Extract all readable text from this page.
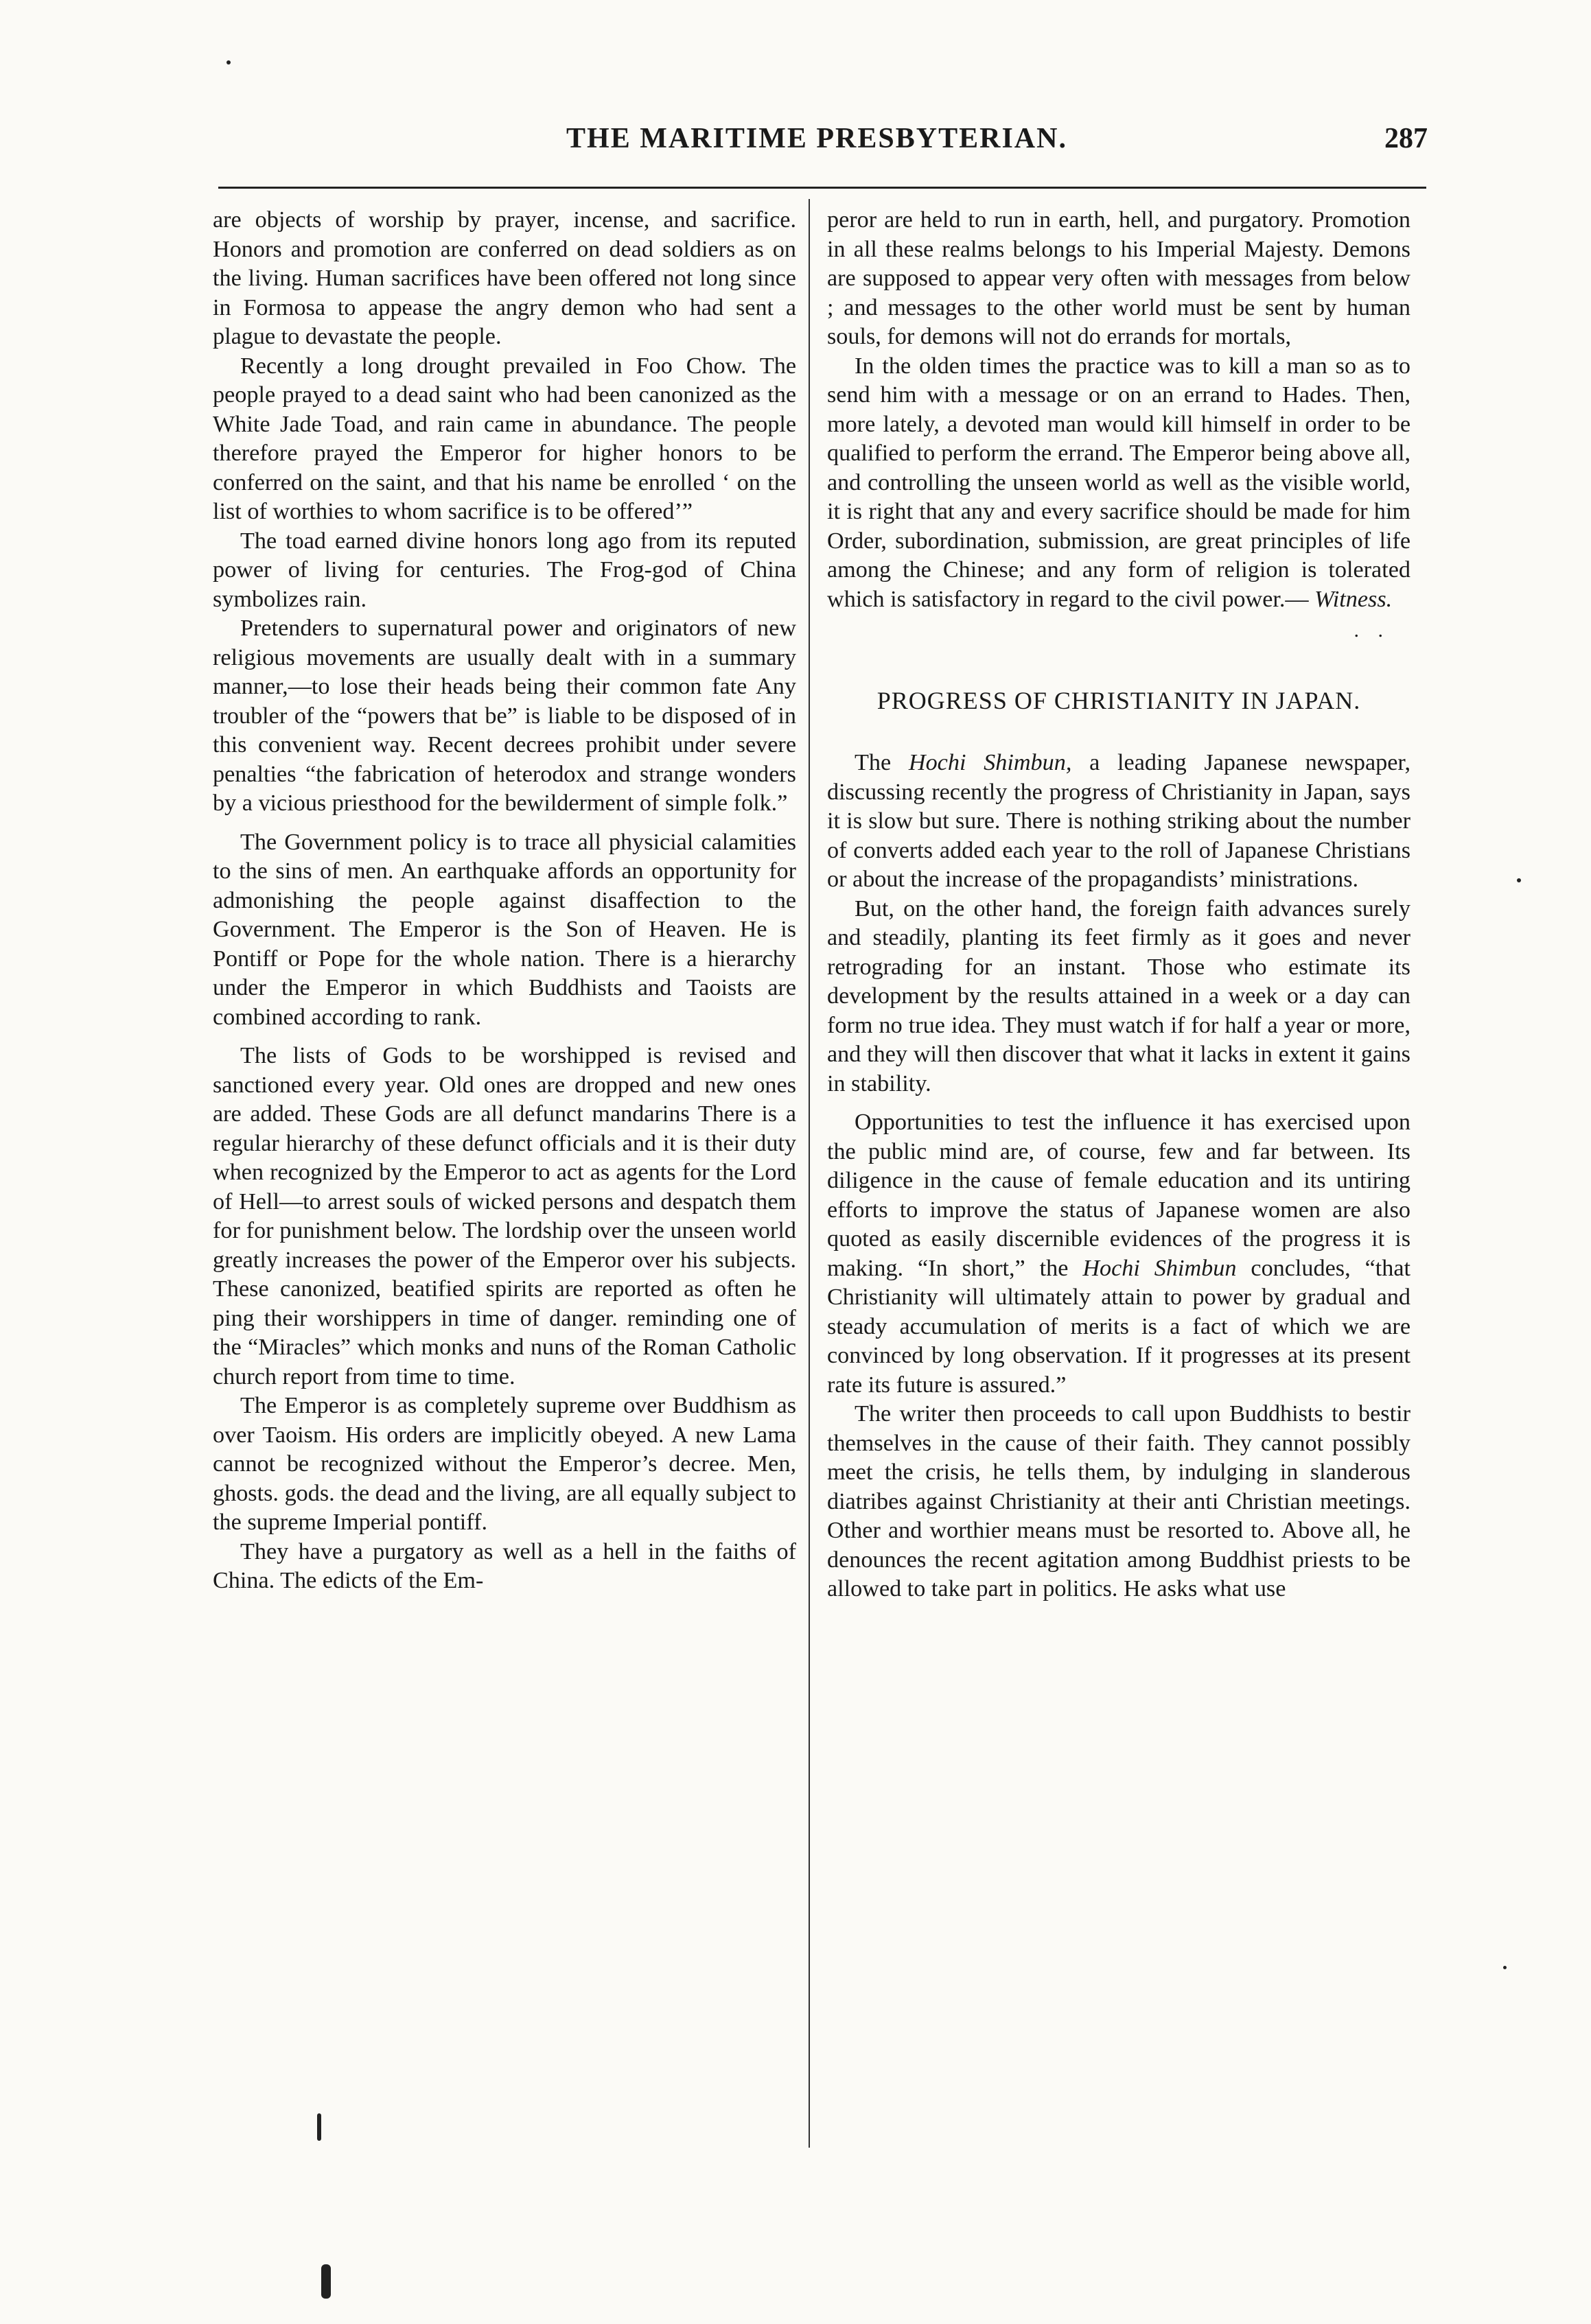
THE MARITIME PRESBYTERIAN.	287

are objects of worship by prayer, incense, and sacrifice. Honors and promotion are conferred on dead soldiers as on the living. Human sacrifices have been offered not long since in Formosa to appease the angry demon who had sent a plague to devastate the people.

Recently a long drought prevailed in Foo Chow. The people prayed to a dead saint who had been canonized as the White Jade Toad, and rain came in abundance. The people therefore prayed the Emperor for higher honors to be conferred on the saint, and that his name be enrolled ‘ on the list of worthies to whom sacrifice is to be offered’”

The toad earned divine honors long ago from its reputed power of living for centuries. The Frog-god of China symbolizes rain.

Pretenders to supernatural power and originators of new religious movements are usually dealt with in a summary manner,—to lose their heads being their common fate Any troubler of the “powers that be” is liable to be disposed of in this convenient way. Recent decrees prohibit under severe penalties “the fabrication of heterodox and strange wonders by a vicious priesthood for the bewilderment of simple folk.”

The Government policy is to trace all physicial calamities to the sins of men. An earthquake affords an opportunity for admonishing the people against disaffection to the Government. The Emperor is the Son of Heaven. He is Pontiff or Pope for the whole nation. There is a hierarchy under the Emperor in which Buddhists and Taoists are combined according to rank.

The lists of Gods to be worshipped is revised and sanctioned every year. Old ones are dropped and new ones are added. These Gods are all defunct mandarins There is a regular hierarchy of these defunct officials and it is their duty when recognized by the Emperor to act as agents for the Lord of Hell—to arrest souls of wicked persons and despatch them for for punishment below. The lordship over the unseen world greatly increases the power of the Emperor over his subjects. These canonized, beatified spirits are reported as often he ping their worshippers in time of danger. reminding one of the “Miracles” which monks and nuns of the Roman Catholic church report from time to time.

The Emperor is as completely supreme over Buddhism as over Taoism. His orders are implicitly obeyed. A new Lama cannot be recognized without the Emperor’s decree. Men, ghosts. gods. the dead and the living, are all equally subject to the supreme Imperial pontiff.

They have a purgatory as well as a hell in the faiths of China. The edicts of the Em-

peror are held to run in earth, hell, and purgatory. Promotion in all these realms belongs to his Imperial Majesty. Demons are supposed to appear very often with messages from below ; and messages to the other world must be sent by human souls, for demons will not do errands for mortals,

In the olden times the practice was to kill a man so as to send him with a message or on an errand to Hades. Then, more lately, a devoted man would kill himself in order to be qualified to perform the errand. The Emperor being above all, and controlling the unseen world as well as the visible world, it is right that any and every sacrifice should be made for him Order, subordination, submission, are great principles of life among the Chinese; and any form of religion is tolerated which is satisfactory in regard to the civil power.— Witness.

. .
PROGRESS OF CHRISTIANITY IN JAPAN.

The Hochi Shimbun, a leading Japanese newspaper, discussing recently the progress of Christianity in Japan, says it is slow but sure. There is nothing striking about the number of converts added each year to the roll of Japanese Christians or about the increase of the propagandists’ ministrations.

But, on the other hand, the foreign faith advances surely and steadily, planting its feet firmly as it goes and never retrograding for an instant. Those who estimate its development by the results attained in a week or a day can form no true idea. They must watch if for half a year or more, and they will then discover that what it lacks in extent it gains in stability.

Opportunities to test the influence it has exercised upon the public mind are, of course, few and far between. Its diligence in the cause of female education and its untiring efforts to improve the status of Japanese women are also quoted as easily discernible evidences of the progress it is making. “In short,” the Hochi Shimbun concludes, “that Christianity will ultimately attain to power by gradual and steady accumulation of merits is a fact of which we are convinced by long observation. If it progresses at its present rate its future is assured.”

The writer then proceeds to call upon Buddhists to bestir themselves in the cause of their faith. They cannot possibly meet the crisis, he tells them, by indulging in slanderous diatribes against Christianity at their anti Christian meetings. Other and worthier means must be resorted to. Above all, he denounces the recent agitation among Buddhist priests to be allowed to take part in politics. He asks what use
